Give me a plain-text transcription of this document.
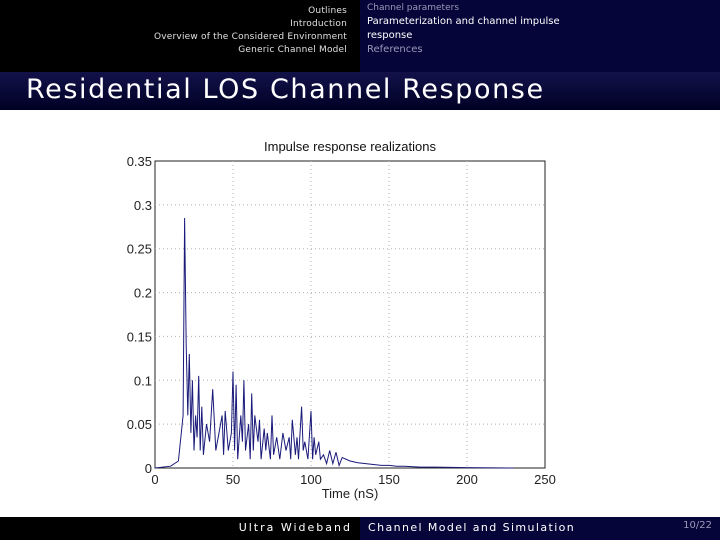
Outlines
Introduction
Overview of the Considered Environment
Generic Channel Model
Channel parameters
Parameterization and channel impulse
response
References
Residential LOS Channel Response
0	50	100	150	200	250
0
0.05
0.1
0.15
0.2
0.25
0.3
0.35
Impulse response realizations
Time (nS)
Ultra Wideband Channel Model and Simulation	10/22
